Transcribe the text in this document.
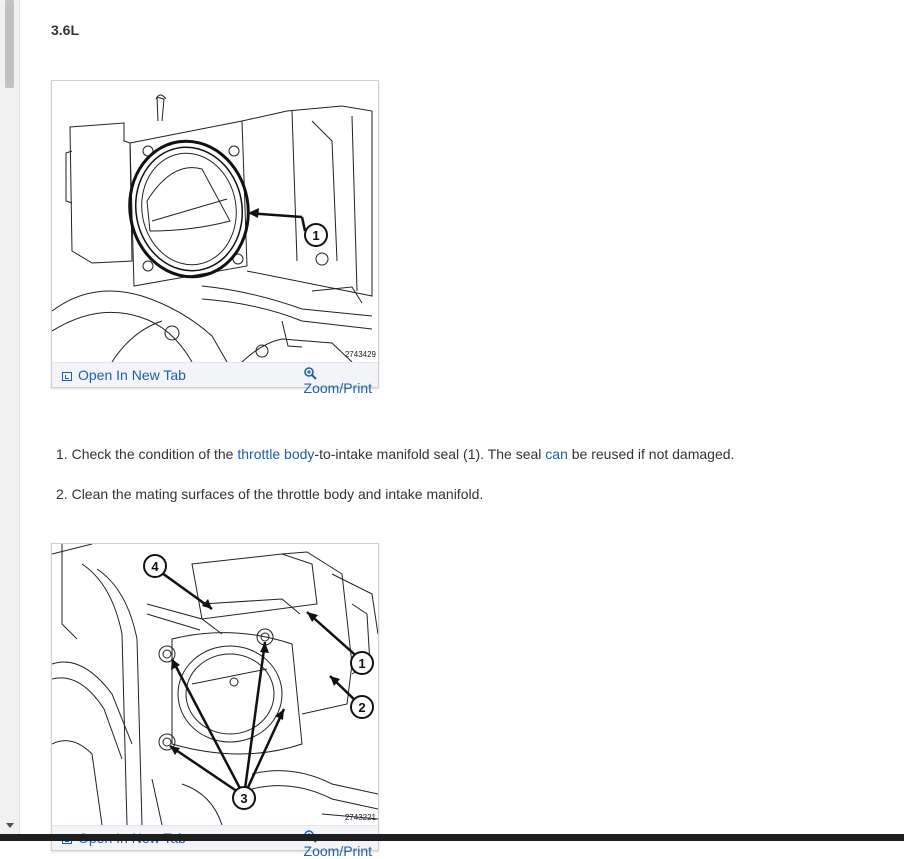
3.6L
1
2743429
Open In New Tab
Zoom/Print
1. Check the condition of the throttle body-to-intake manifold seal (1). The seal can be reused if not damaged.
2. Clean the mating surfaces of the throttle body and intake manifold.
4
1
2
3
2743221
Zoom/Print
